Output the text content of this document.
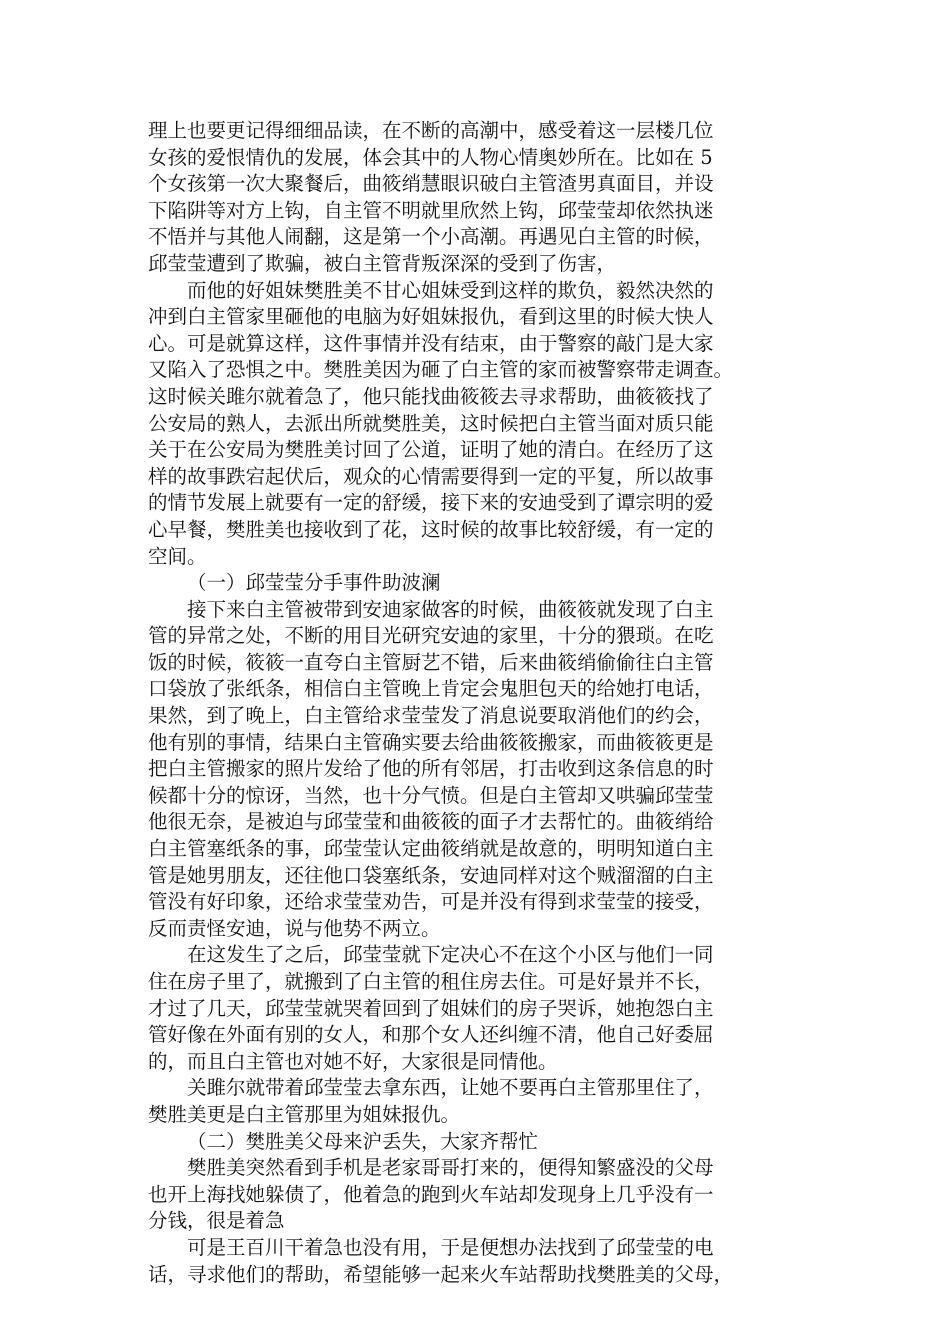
理上也要更记得细细品读，在不断的高潮中，感受着这一层楼几位
女孩的爱恨情仇的发展，体会其中的人物心情奥妙所在。比如在 5
个女孩第一次大聚餐后，曲筱绡慧眼识破白主管渣男真面目，并设
下陷阱等对方上钩，自主管不明就里欣然上钩，邱莹莹却依然执迷
不悟并与其他人闹翻，这是第一个小高潮。再遇见白主管的时候，
邱莹莹遭到了欺骗，被白主管背叛深深的受到了伤害，
而他的好姐妹樊胜美不甘心姐妹受到这样的欺负，毅然决然的
冲到白主管家里砸他的电脑为好姐妹报仇，看到这里的时候大快人
心。可是就算这样，这件事情并没有结束，由于警察的敲门是大家
又陷入了恐惧之中。樊胜美因为砸了白主管的家而被警察带走调查。
这时候关雎尔就着急了，他只能找曲筱筱去寻求帮助，曲筱筱找了
公安局的熟人，去派出所就樊胜美，这时候把白主管当面对质只能
关于在公安局为樊胜美讨回了公道，证明了她的清白。在经历了这
样的故事跌宕起伏后，观众的心情需要得到一定的平复，所以故事
的情节发展上就要有一定的舒缓，接下来的安迪受到了谭宗明的爱
心早餐，樊胜美也接收到了花，这时候的故事比较舒缓，有一定的
空间。
（一）邱莹莹分手事件助波澜
接下来白主管被带到安迪家做客的时候，曲筱筱就发现了白主
管的异常之处，不断的用目光研究安迪的家里，十分的猥琐。在吃
饭的时候，筱筱一直夸白主管厨艺不错，后来曲筱绡偷偷往白主管
口袋放了张纸条，相信白主管晚上肯定会鬼胆包天的给她打电话，
果然，到了晚上，白主管给求莹莹发了消息说要取消他们的约会，
他有别的事情，结果白主管确实要去给曲筱筱搬家，而曲筱筱更是
把白主管搬家的照片发给了他的所有邻居，打击收到这条信息的时
候都十分的惊讶，当然，也十分气愤。但是白主管却又哄骗邱莹莹
他很无奈，是被迫与邱莹莹和曲筱筱的面子才去帮忙的。曲筱绡给
白主管塞纸条的事，邱莹莹认定曲筱绡就是故意的，明明知道白主
管是她男朋友，还往他口袋塞纸条，安迪同样对这个贼溜溜的白主
管没有好印象，还给求莹莹劝告，可是并没有得到求莹莹的接受，
反而责怪安迪，说与他势不两立。
在这发生了之后，邱莹莹就下定决心不在这个小区与他们一同
住在房子里了，就搬到了白主管的租住房去住。可是好景并不长，
才过了几天，邱莹莹就哭着回到了姐妹们的房子哭诉，她抱怨白主
管好像在外面有别的女人，和那个女人还纠缠不清，他自己好委屈
的，而且白主管也对她不好，大家很是同情他。
关雎尔就带着邱莹莹去拿东西，让她不要再白主管那里住了，
樊胜美更是白主管那里为姐妹报仇。
（二）樊胜美父母来沪丢失，大家齐帮忙
樊胜美突然看到手机是老家哥哥打来的，便得知繁盛没的父母
也开上海找她躲债了，他着急的跑到火车站却发现身上几乎没有一
分钱，很是着急
可是王百川干着急也没有用，于是便想办法找到了邱莹莹的电
话，寻求他们的帮助，希望能够一起来火车站帮助找樊胜美的父母，
